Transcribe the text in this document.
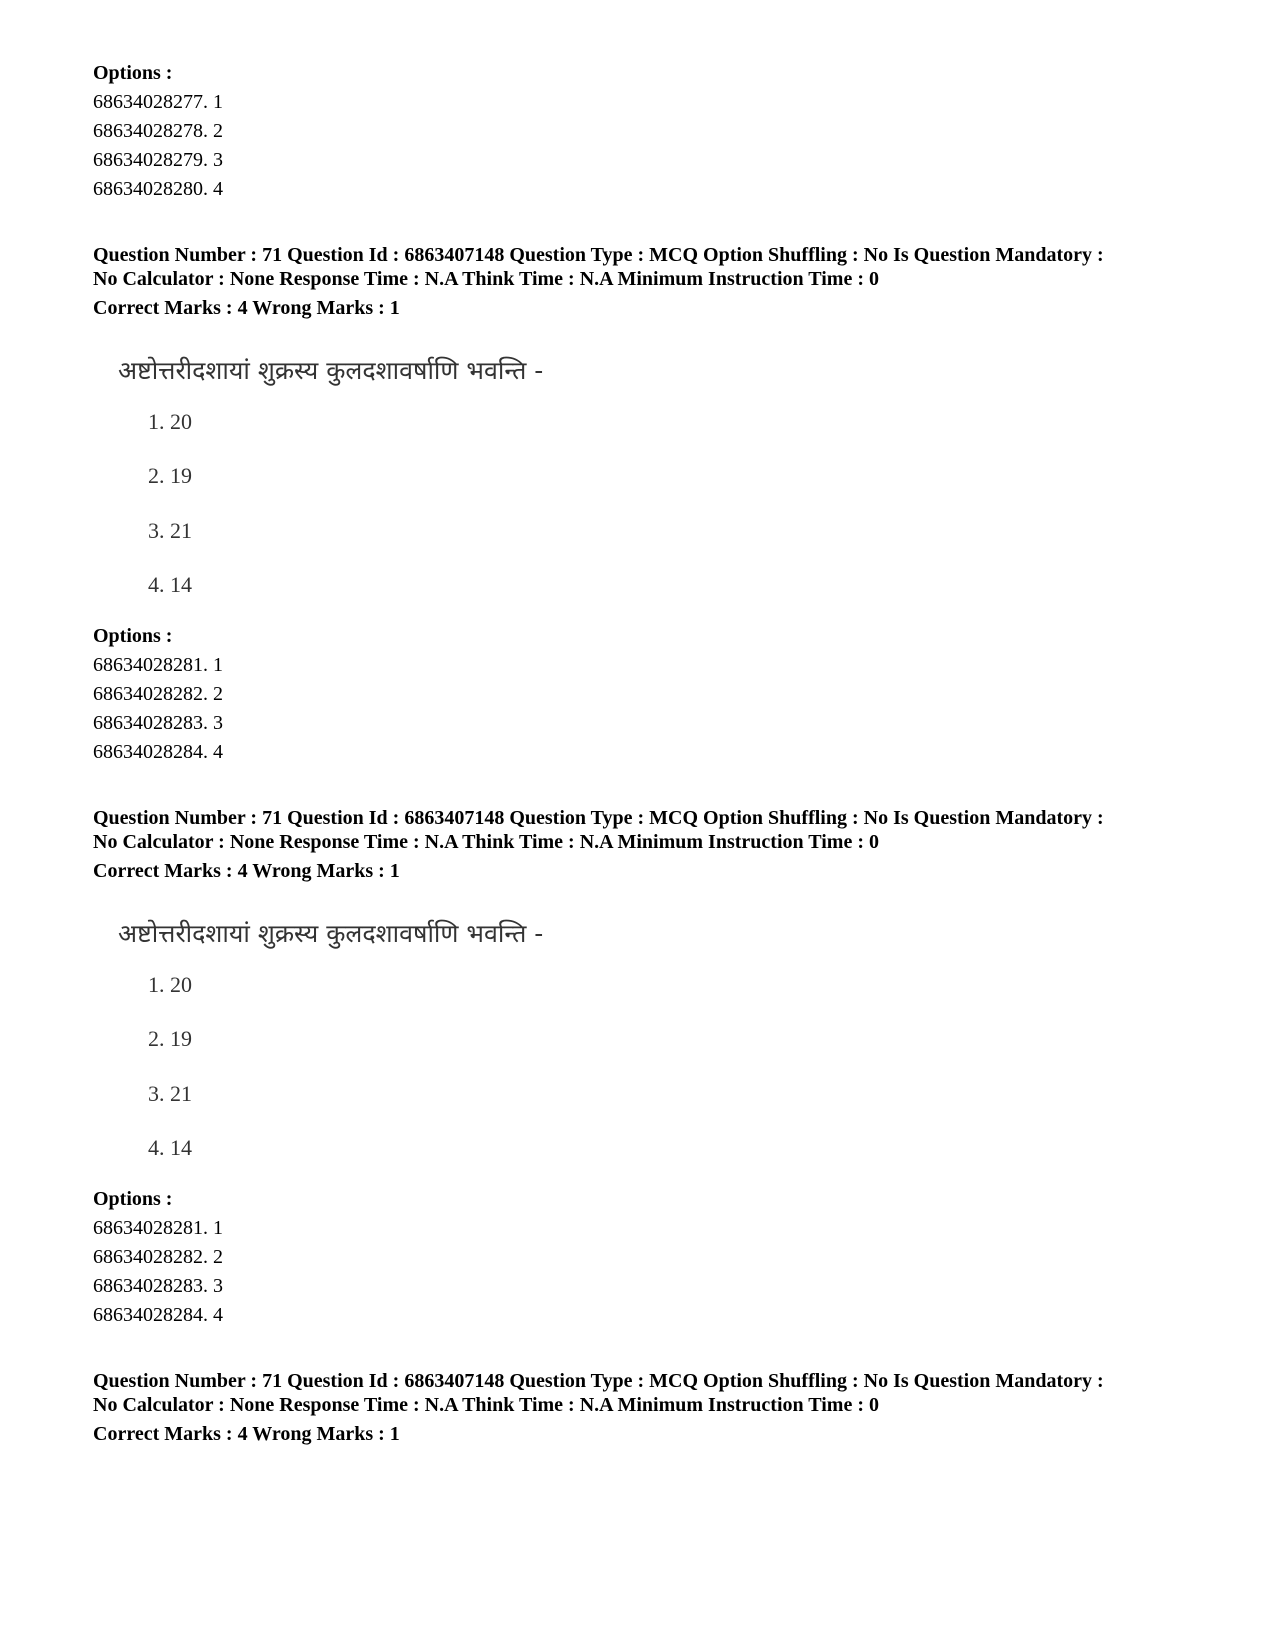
Options :
68634028277. 1
68634028278. 2
68634028279. 3
68634028280. 4
Question Number : 71 Question Id : 6863407148 Question Type : MCQ Option Shuffling : No Is Question Mandatory :
No Calculator : None Response Time : N.A Think Time : N.A Minimum Instruction Time : 0
Correct Marks : 4 Wrong Marks : 1
अष्टोत्तरीदशायां शुक्रस्य कुलदशावर्षाणि भवन्ति -
1. 20
2. 19
3. 21
4. 14
Options :
68634028281. 1
68634028282. 2
68634028283. 3
68634028284. 4
Question Number : 71 Question Id : 6863407148 Question Type : MCQ Option Shuffling : No Is Question Mandatory :
No Calculator : None Response Time : N.A Think Time : N.A Minimum Instruction Time : 0
Correct Marks : 4 Wrong Marks : 1
अष्टोत्तरीदशायां शुक्रस्य कुलदशावर्षाणि भवन्ति -
1. 20
2. 19
3. 21
4. 14
Options :
68634028281. 1
68634028282. 2
68634028283. 3
68634028284. 4
Question Number : 71 Question Id : 6863407148 Question Type : MCQ Option Shuffling : No Is Question Mandatory :
No Calculator : None Response Time : N.A Think Time : N.A Minimum Instruction Time : 0
Correct Marks : 4 Wrong Marks : 1
